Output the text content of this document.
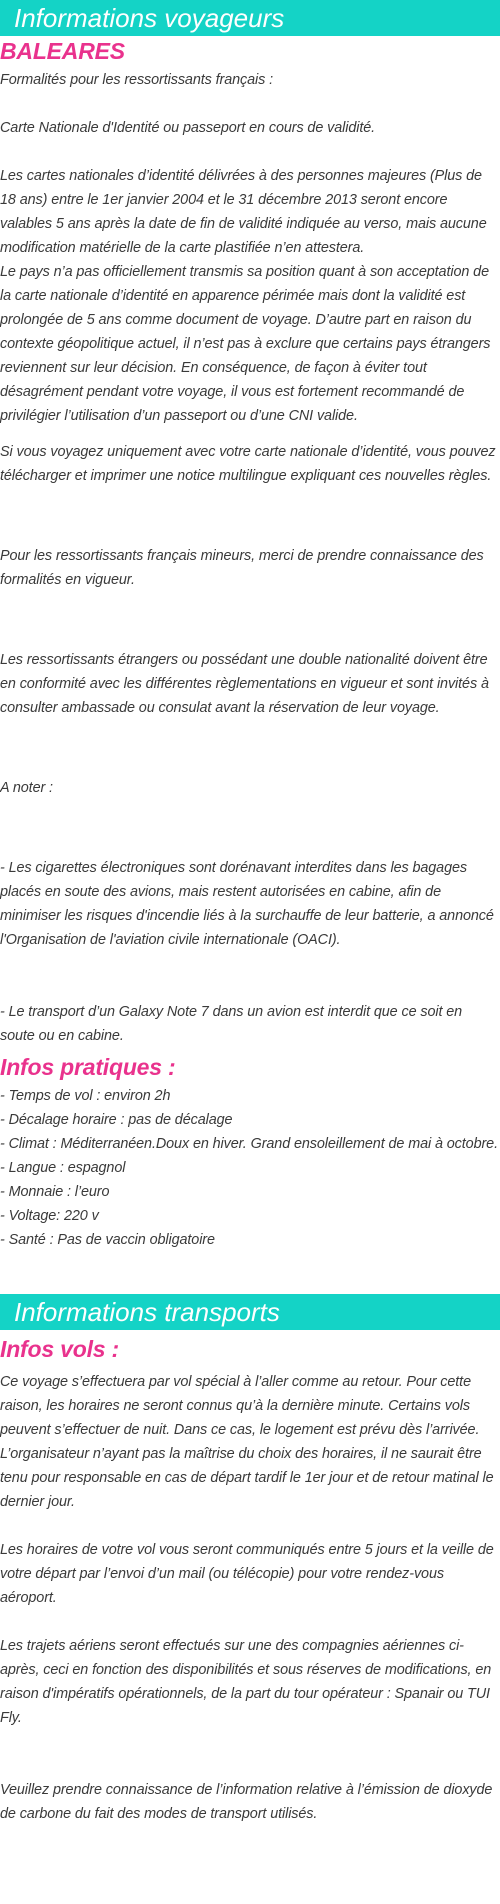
Informations voyageurs
BALEARES

Formalités pour les ressortissants français :

Carte Nationale d'Identité ou passeport en cours de validité.

Les cartes nationales d’identité délivrées à des personnes majeures (Plus de 18 ans) entre le 1er janvier 2004 et le 31 décembre 2013 seront encore valables 5 ans après la date de fin de validité indiquée au verso, mais aucune modification matérielle de la carte plastifiée n’en attestera.

Le pays n’a pas officiellement transmis sa position quant à son acceptation de la carte nationale d’identité en apparence périmée mais dont la validité est prolongée de 5 ans comme document de voyage. D’autre part en raison du contexte géopolitique actuel, il n’est pas à exclure que certains pays étrangers reviennent sur leur décision. En conséquence, de façon à éviter tout désagrément pendant votre voyage, il vous est fortement recommandé de privilégier l’utilisation d’un passeport ou d’une CNI valide.

Si vous voyagez uniquement avec votre carte nationale d’identité, vous pouvez télécharger et imprimer une notice multilingue expliquant ces nouvelles règles.

Pour les ressortissants français mineurs, merci de prendre connaissance des formalités en vigueur.

Les ressortissants étrangers ou possédant une double nationalité doivent être en conformité avec les différentes règlementations en vigueur et sont invités à consulter ambassade ou consulat avant la réservation de leur voyage.

A noter :

- Les cigarettes électroniques sont dorénavant interdites dans les bagages placés en soute des avions, mais restent autorisées en cabine, afin de minimiser les risques d'incendie liés à la surchauffe de leur batterie, a annoncé l'Organisation de l'aviation civile internationale (OACI).

- Le transport d’un Galaxy Note 7 dans un avion est interdit que ce soit en soute ou en cabine.

Infos pratiques :

- Temps de vol : environ 2h

- Décalage horaire : pas de décalage

- Climat : Méditerranéen.Doux en hiver. Grand ensoleillement de mai à octobre.

- Langue : espagnol

- Monnaie : l’euro

- Voltage: 220 v

- Santé : Pas de vaccin obligatoire

Informations transports
Infos vols :

Ce voyage s’effectuera par vol spécial à l’aller comme au retour. Pour cette raison, les horaires ne seront connus qu’à la dernière minute. Certains vols peuvent s’effectuer de nuit. Dans ce cas, le logement est prévu dès l’arrivée. L’organisateur n’ayant pas la maîtrise du choix des horaires, il ne saurait être tenu pour responsable en cas de départ tardif le 1er jour et de retour matinal le dernier jour.

Les horaires de votre vol vous seront communiqués entre 5 jours et la veille de votre départ par l’envoi d’un mail (ou télécopie) pour votre rendez-vous aéroport.

Les trajets aériens seront effectués sur une des compagnies aériennes ci-après, ceci en fonction des disponibilités et sous réserves de modifications, en raison d'impératifs opérationnels, de la part du tour opérateur : Spanair ou TUI Fly.

Veuillez prendre connaissance de l’information relative à l’émission de dioxyde de carbone du fait des modes de transport utilisés.
